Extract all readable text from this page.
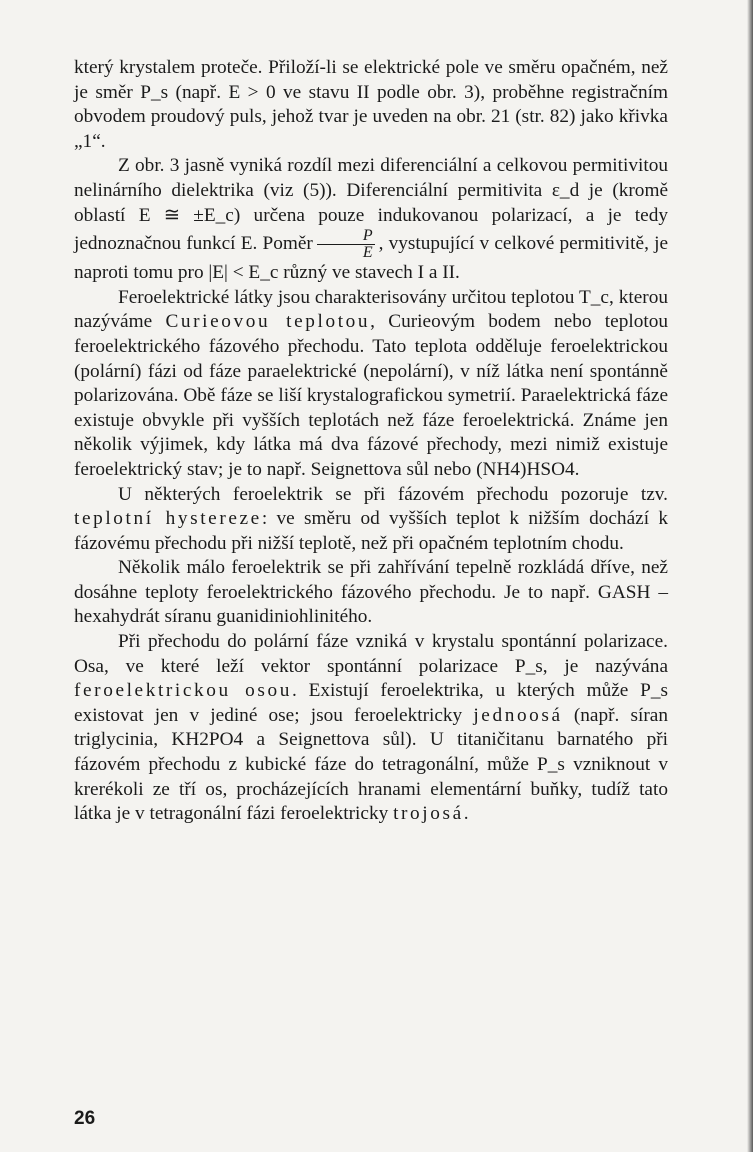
který krystalem proteče. Přiloží-li se elektrické pole ve směru opačném, než je směr P_s (např. E > 0 ve stavu II podle obr. 3), proběhne registračním obvodem proudový puls, jehož tvar je uveden na obr. 21 (str. 82) jako křivka „1“.

Z obr. 3 jasně vyniká rozdíl mezi diferenciální a celkovou permitivitou nelinárního dielektrika (viz (5)). Diferenciální permitivita ε_d je (kromě oblastí E ≅ ±E_c) určena pouze indukovanou polarizací, a je tedy jednoznačnou funkcí E. Poměr $\frac{P}{E}$ , vystupující v celkové permitivitě, je naproti tomu pro |E| < E_c různý ve stavech I a II.

Feroelektrické látky jsou charakterisovány určitou teplotou T_c, kterou nazýváme Curieovou teplotou, Curieovým bodem nebo teplotou feroelektrického fázového přechodu. Tato teplota odděluje feroelektrickou (polární) fázi od fáze paraelektrické (nepolární), v níž látka není spontánně polarizována. Obě fáze se liší krystalografickou symetrií. Paraelektrická fáze existuje obvykle při vyšších teplotách než fáze feroelektrická. Známe jen několik výjimek, kdy látka má dva fázové přechody, mezi nimiž existuje feroelektrický stav; je to např. Seignettova sůl nebo (NH4)HSO4.

U některých feroelektrik se při fázovém přechodu pozoruje tzv. teplotní hystereze: ve směru od vyšších teplot k nižším dochází k fázovému přechodu při nižší teplotě, než při opačném teplotním chodu.

Několik málo feroelektrik se při zahřívání tepelně rozkládá dříve, než dosáhne teploty feroelektrického fázového přechodu. Je to např. GASH – hexahydrát síranu guanidiniohlinitého.

Při přechodu do polární fáze vzniká v krystalu spontánní polarizace. Osa, ve které leží vektor spontánní polarizace P_s, je nazývána feroelektrickou osou. Existují feroelektrika, u kterých může P_s existovat jen v jediné ose; jsou feroelektricky jednoosá (např. síran triglycinia, KH2PO4 a Seignettova sůl). U titaničitanu barnatého při fázovém přechodu z kubické fáze do tetragonální, může P_s vzniknout v krerékoli ze tří os, procházejících hranami elementární buňky, tudíž tato látka je v tetragonální fázi feroelektricky trojosá.

26
